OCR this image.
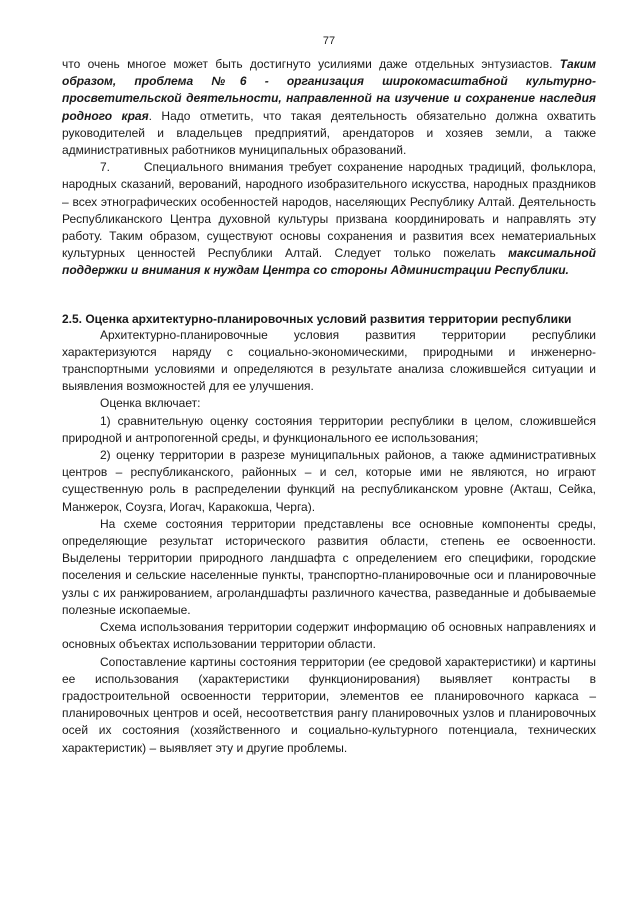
77

что очень многое может быть достигнуто усилиями даже отдельных энтузиастов. Таким образом, проблема №6 - организация широкомасштабной культурно-просветительской деятельности, направленной на изучение и сохранение наследия родного края. Надо отметить, что такая деятельность обязательно должна охватить руководителей и владельцев предприятий, арендаторов и хозяев земли, а также административных работников муниципальных образований.

7.	Специального внимания требует сохранение народных традиций, фольклора, народных сказаний, верований, народного изобразительного искусства, народных праздников – всех этнографических особенностей народов, населяющих Республику Алтай. Деятельность Республиканского Центра духовной культуры призвана координировать и направлять эту работу. Таким образом, существуют основы сохранения и развития всех нематериальных культурных ценностей Республики Алтай. Следует только пожелать максимальной поддержки и внимания к нуждам Центра со стороны Администрации Республики.

2.5. Оценка архитектурно-планировочных условий развития территории республики

Архитектурно-планировочные условия развития территории республики характеризуются наряду с социально-экономическими, природными и инженерно-транспортными условиями и определяются в результате анализа сложившейся ситуации и выявления возможностей для ее улучшения.

Оценка включает:

1) сравнительную оценку состояния территории республики в целом, сложившейся природной и антропогенной среды, и функционального ее использования;

2) оценку территории в разрезе муниципальных районов, а также административных центров – республиканского, районных – и сел, которые ими не являются, но играют существенную роль в распределении функций на республиканском уровне (Акташ, Сейка, Манжерок, Соузга, Иогач, Каракокша, Черга).

На схеме состояния территории представлены все основные компоненты среды, определяющие результат исторического развития области, степень ее освоенности. Выделены территории природного ландшафта с определением его специфики, городские поселения и сельские населенные пункты, транспортно-планировочные оси и планировочные узлы с их ранжированием, агроландшафты различного качества, разведанные и добываемые полезные ископаемые.

Схема использования территории содержит информацию об основных направлениях и основных объектах использовании территории области.

Сопоставление картины состояния территории (ее средовой характеристики) и картины ее использования (характеристики функционирования) выявляет контрасты в градостроительной освоенности территории, элементов ее планировочного каркаса – планировочных центров и осей, несоответствия рангу планировочных узлов и планировочных осей их состояния (хозяйственного и социально-культурного потенциала, технических характеристик) – выявляет эту и другие проблемы.
